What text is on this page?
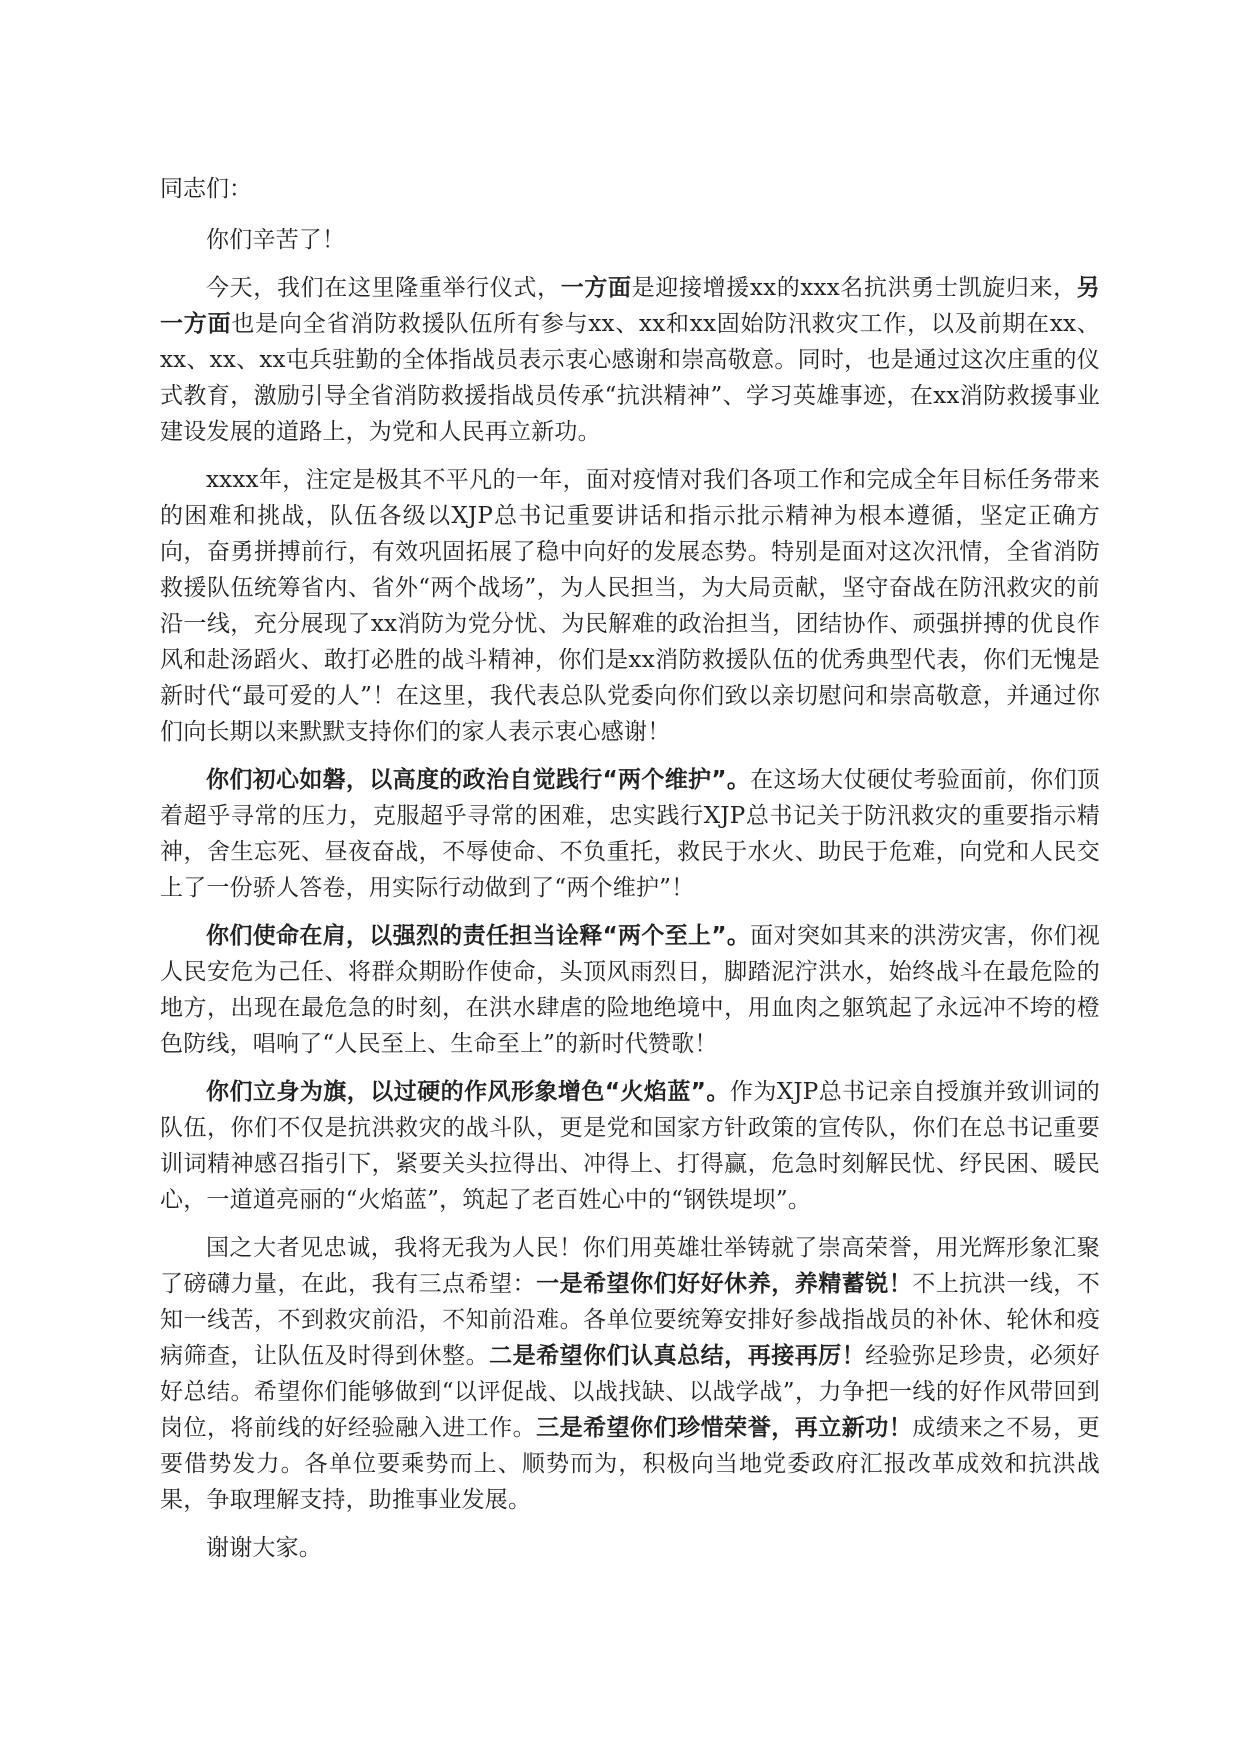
同志们：

你们辛苦了！

今天，我们在这里隆重举行仪式，一方面是迎接增援xx的xxx名抗洪勇士凯旋归来，另一方面也是向全省消防救援队伍所有参与xx、xx和xx固始防汛救灾工作，以及前期在xx、xx、xx、xx屯兵驻勤的全体指战员表示衷心感谢和崇高敬意。同时，也是通过这次庄重的仪式教育，激励引导全省消防救援指战员传承“抗洪精神”、学习英雄事迹，在xx消防救援事业建设发展的道路上，为党和人民再立新功。

xxxx年，注定是极其不平凡的一年，面对疫情对我们各项工作和完成全年目标任务带来的困难和挑战，队伍各级以XJP总书记重要讲话和指示批示精神为根本遵循，坚定正确方向，奋勇拼搏前行，有效巩固拓展了稳中向好的发展态势。特别是面对这次汛情，全省消防救援队伍统筹省内、省外“两个战场”，为人民担当，为大局贡献，坚守奋战在防汛救灾的前沿一线，充分展现了xx消防为党分忧、为民解难的政治担当，团结协作、顽强拼搏的优良作风和赴汤蹈火、敢打必胜的战斗精神，你们是xx消防救援队伍的优秀典型代表，你们无愧是新时代“最可爱的人”！在这里，我代表总队党委向你们致以亲切慰问和崇高敬意，并通过你们向长期以来默默支持你们的家人表示衷心感谢！

你们初心如磐，以高度的政治自觉践行“两个维护”。在这场大仗硬仗考验面前，你们顶着超乎寻常的压力，克服超乎寻常的困难，忠实践行XJP总书记关于防汛救灾的重要指示精神，舍生忘死、昼夜奋战，不辱使命、不负重托，救民于水火、助民于危难，向党和人民交上了一份骄人答卷，用实际行动做到了“两个维护”！

你们使命在肩，以强烈的责任担当诠释“两个至上”。面对突如其来的洪涝灾害，你们视人民安危为己任、将群众期盼作使命，头顶风雨烈日，脚踏泥泞洪水，始终战斗在最危险的地方，出现在最危急的时刻，在洪水肆虐的险地绝境中，用血肉之躯筑起了永远冲不垮的橙色防线，唱响了“人民至上、生命至上”的新时代赞歌！

你们立身为旗，以过硬的作风形象增色“火焰蓝”。作为XJP总书记亲自授旗并致训词的队伍，你们不仅是抗洪救灾的战斗队，更是党和国家方针政策的宣传队，你们在总书记重要训词精神感召指引下，紧要关头拉得出、冲得上、打得赢，危急时刻解民忧、纾民困、暖民心，一道道亮丽的“火焰蓝”，筑起了老百姓心中的“钢铁堤坝”。

国之大者见忠诚，我将无我为人民！你们用英雄壮举铸就了崇高荣誉，用光辉形象汇聚了磅礴力量，在此，我有三点希望：一是希望你们好好休养，养精蓄锐！不上抗洪一线，不知一线苦，不到救灾前沿，不知前沿难。各单位要统筹安排好参战指战员的补休、轮休和疫病筛查，让队伍及时得到休整。二是希望你们认真总结，再接再厉！经验弥足珍贵，必须好好总结。希望你们能够做到“以评促战、以战找缺、以战学战”，力争把一线的好作风带回到岗位，将前线的好经验融入进工作。三是希望你们珍惜荣誉，再立新功！成绩来之不易，更要借势发力。各单位要乘势而上、顺势而为，积极向当地党委政府汇报改革成效和抗洪战果，争取理解支持，助推事业发展。

谢谢大家。
